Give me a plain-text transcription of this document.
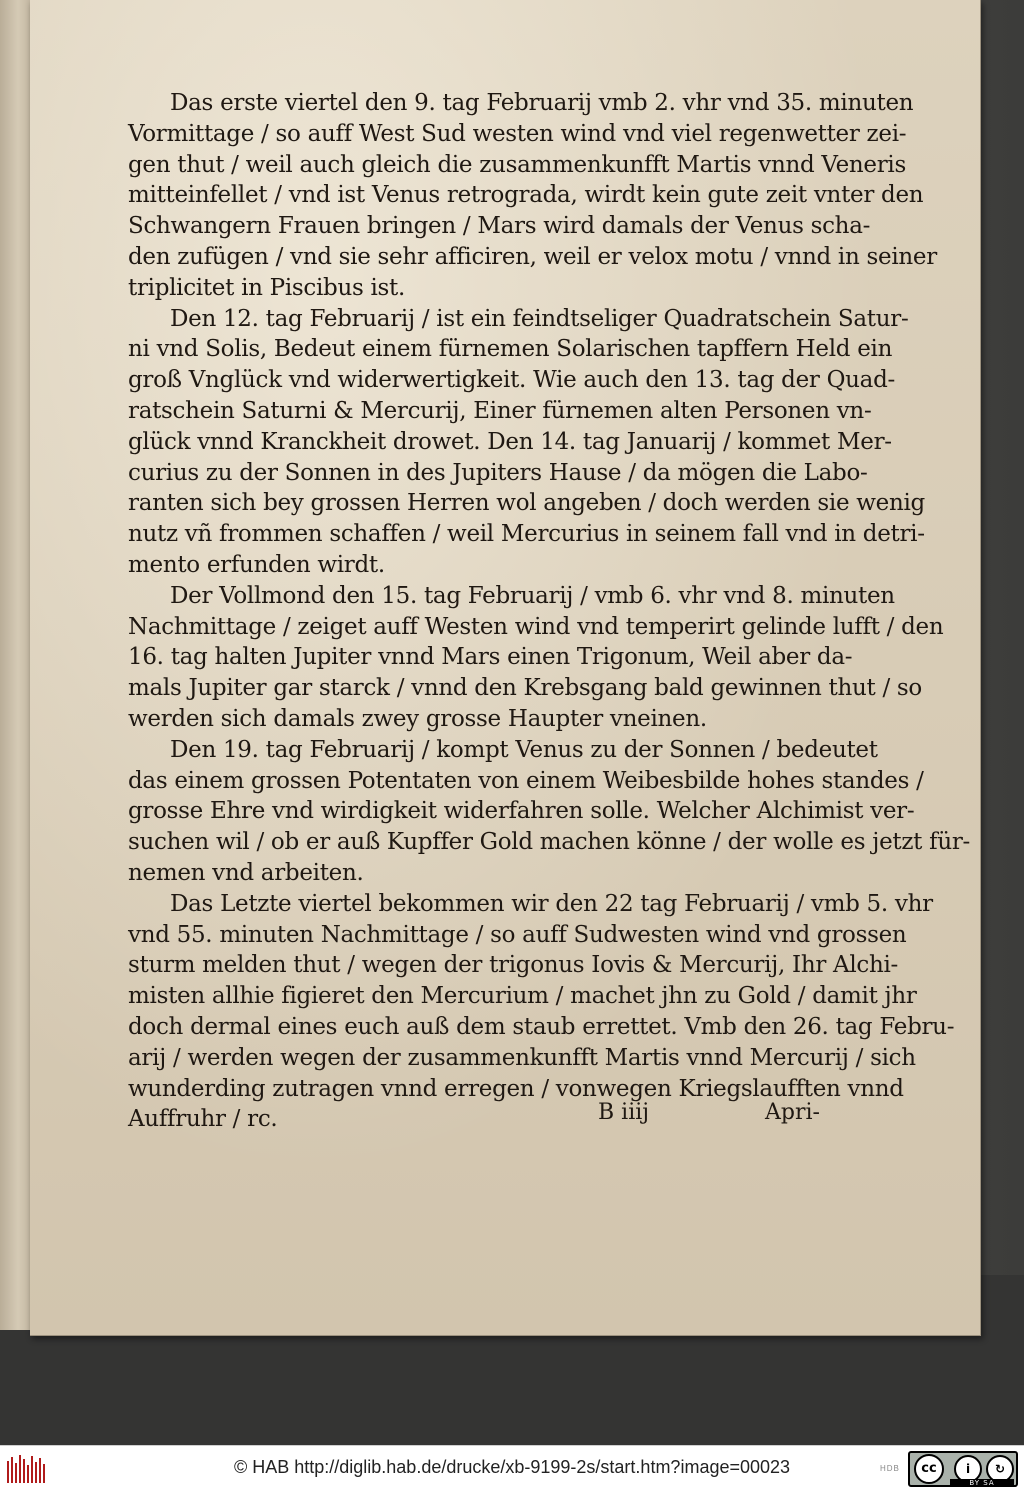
Das erste viertel den 9. tag Februarij vmb 2. vhr vnd 35. minuten
Vormittage / so auff West Sud westen wind vnd viel regenwetter zei-
gen thut / weil auch gleich die zusammenkunfft Martis vnnd Veneris
mitteinfellet / vnd ist Venus retrograda, wirdt kein gute zeit vnter den
Schwangern Frauen bringen / Mars wird damals der Venus scha-
den zufügen / vnd sie sehr afficiren, weil er velox motu / vnnd in seiner
triplicitet in Piscibus ist.
Den 12. tag Februarij / ist ein feindtseliger Quadratschein Satur-
ni vnd Solis, Bedeut einem fürnemen Solarischen tapffern Held ein
groß Vnglück vnd widerwertigkeit. Wie auch den 13. tag der Quad-
ratschein Saturni & Mercurij, Einer fürnemen alten Personen vn-
glück vnnd Kranckheit drowet. Den 14. tag Januarij / kommet Mer-
curius zu der Sonnen in des Jupiters Hause / da mögen die Labo-
ranten sich bey grossen Herren wol angeben / doch werden sie wenig
nutz vñ frommen schaffen / weil Mercurius in seinem fall vnd in detri-
mento erfunden wirdt.
Der Vollmond den 15. tag Februarij / vmb 6. vhr vnd 8. minuten
Nachmittage / zeiget auff Westen wind vnd temperirt gelinde lufft / den
16. tag halten Jupiter vnnd Mars einen Trigonum, Weil aber da-
mals Jupiter gar starck / vnnd den Krebsgang bald gewinnen thut / so
werden sich damals zwey grosse Haupter vneinen.
Den 19. tag Februarij / kompt Venus zu der Sonnen / bedeutet
das einem grossen Potentaten von einem Weibesbilde hohes standes /
grosse Ehre vnd wirdigkeit widerfahren solle. Welcher Alchimist ver-
suchen wil / ob er auß Kupffer Gold machen könne / der wolle es jetzt für-
nemen vnd arbeiten.
Das Letzte viertel bekommen wir den 22 tag Februarij / vmb 5. vhr
vnd 55. minuten Nachmittage / so auff Sudwesten wind vnd grossen
sturm melden thut / wegen der trigonus Iovis & Mercurij, Ihr Alchi-
misten allhie figieret den Mercurium / machet jhn zu Gold / damit jhr
doch dermal eines euch auß dem staub errettet. Vmb den 26. tag Febru-
arij / werden wegen der zusammenkunfft Martis vnnd Mercurij / sich
wunderding zutragen vnnd erregen / vonwegen Kriegslaufften vnnd
Auffruhr / rc.	B iiij	Apri-
© HAB http://diglib.hab.de/drucke/xb-9199-2s/start.htm?image=00023	HDB	cc	i	↻
BY SA
